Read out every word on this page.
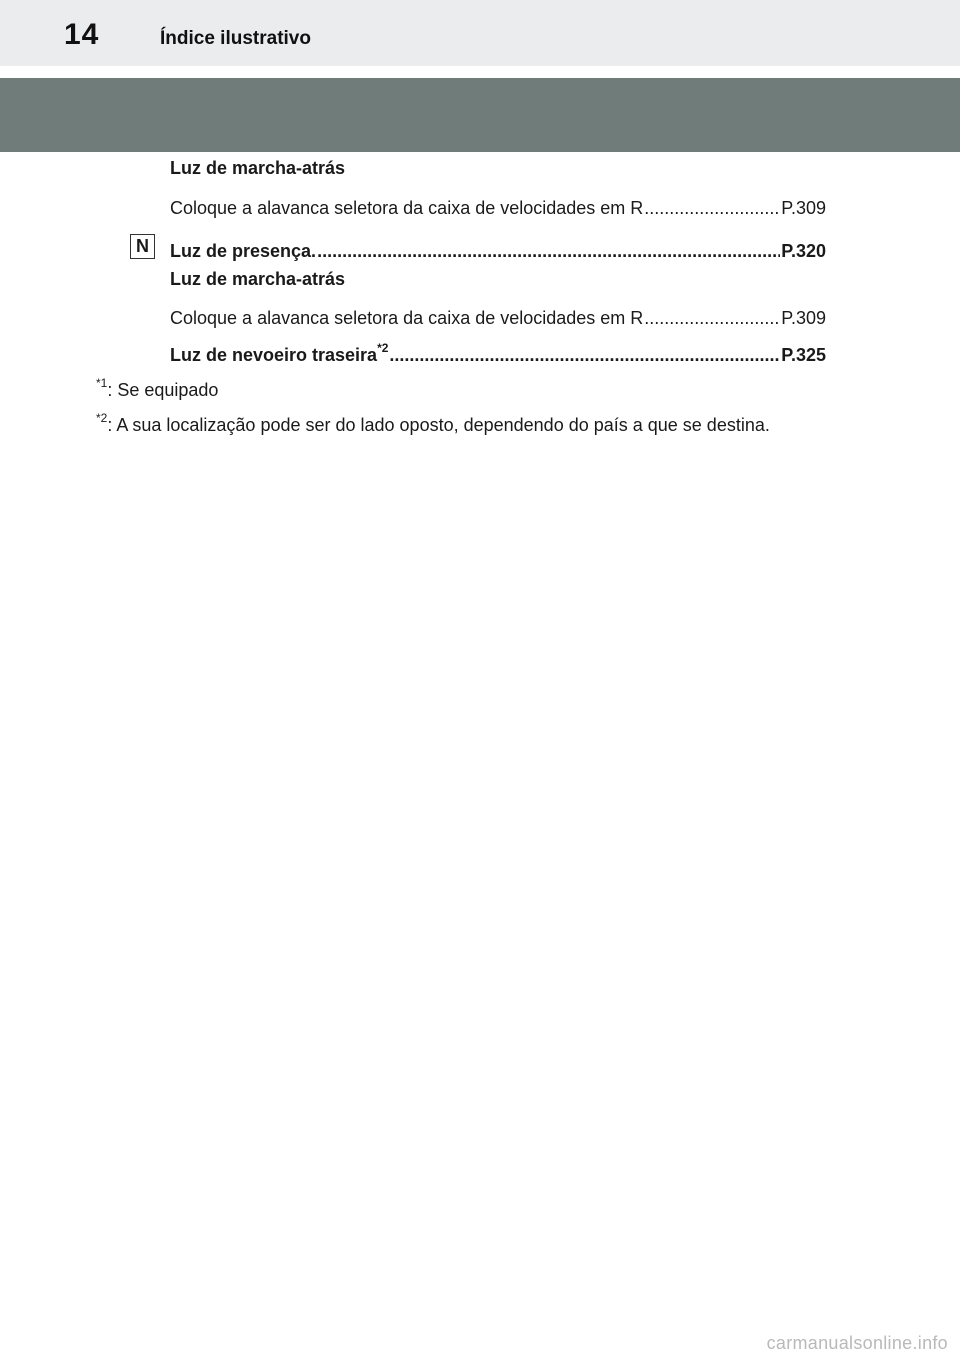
14	Índice ilustrativo
Luz de marcha-atrás
Coloque a alavanca seletora da caixa de velocidades em R .....	P.309
N	Luz de presença. .....	P.320
Luz de marcha-atrás
Coloque a alavanca seletora da caixa de velocidades em R .....	P.309
Luz de nevoeiro traseira$^{*2}$ .....	P.325
$^{*1}$: Se equipado
$^{*2}$: A sua localização pode ser do lado oposto, dependendo do país a que se destina.
carmanualsonline.info
